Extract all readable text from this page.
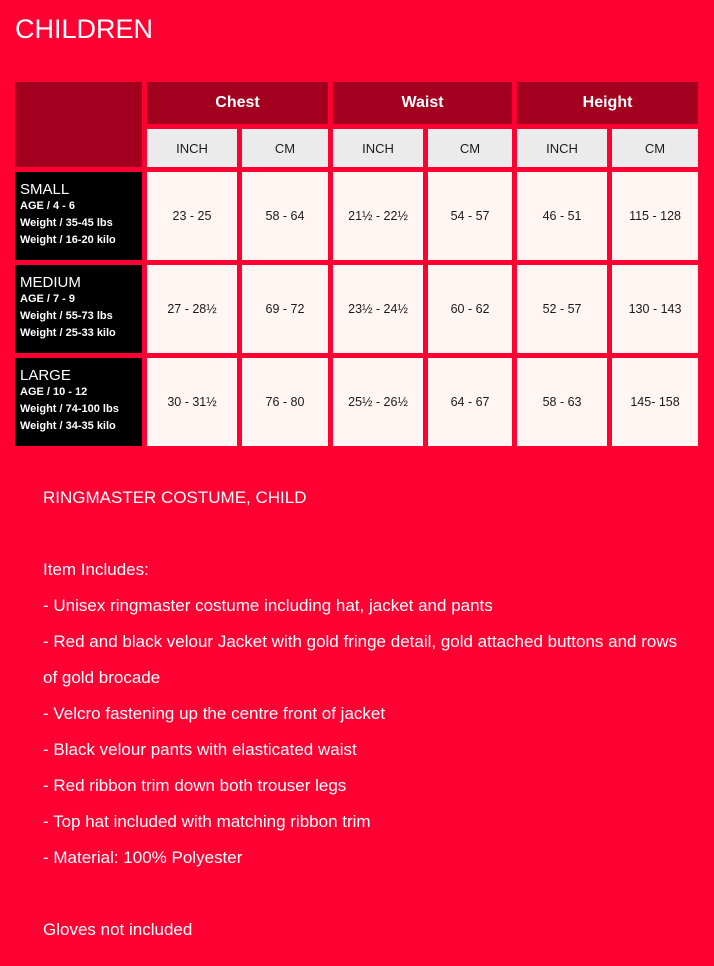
CHILDREN
	Chest		Waist		Height	
	INCH	CM	INCH	CM	INCH	CM

SMALL
AGE / 4 - 6
Weight / 35-45 lbs
Weight / 16-20 kilo	23 - 25	58 - 64	21½ - 22½	54 - 57	46 - 51	115 - 128

MEDIUM
AGE / 7 - 9
Weight / 55-73 lbs
Weight / 25-33 kilo	27 - 28½	69 - 72	23½ - 24½	60 - 62	52 - 57	130 - 143

LARGE
AGE / 10 - 12
Weight / 74-100 lbs
Weight / 34-35 kilo	30 - 31½	76 - 80	25½ - 26½	64 - 67	58 - 63	145- 158

RINGMASTER COSTUME, CHILD

Item Includes:

- Unisex ringmaster costume including hat, jacket and pants

- Red and black velour Jacket with gold fringe detail, gold attached buttons and rows of gold brocade

- Velcro fastening up the centre front of jacket

- Black velour pants with elasticated waist

- Red ribbon trim down both trouser legs

- Top hat included with matching ribbon trim

- Material: 100% Polyester

Gloves not included
